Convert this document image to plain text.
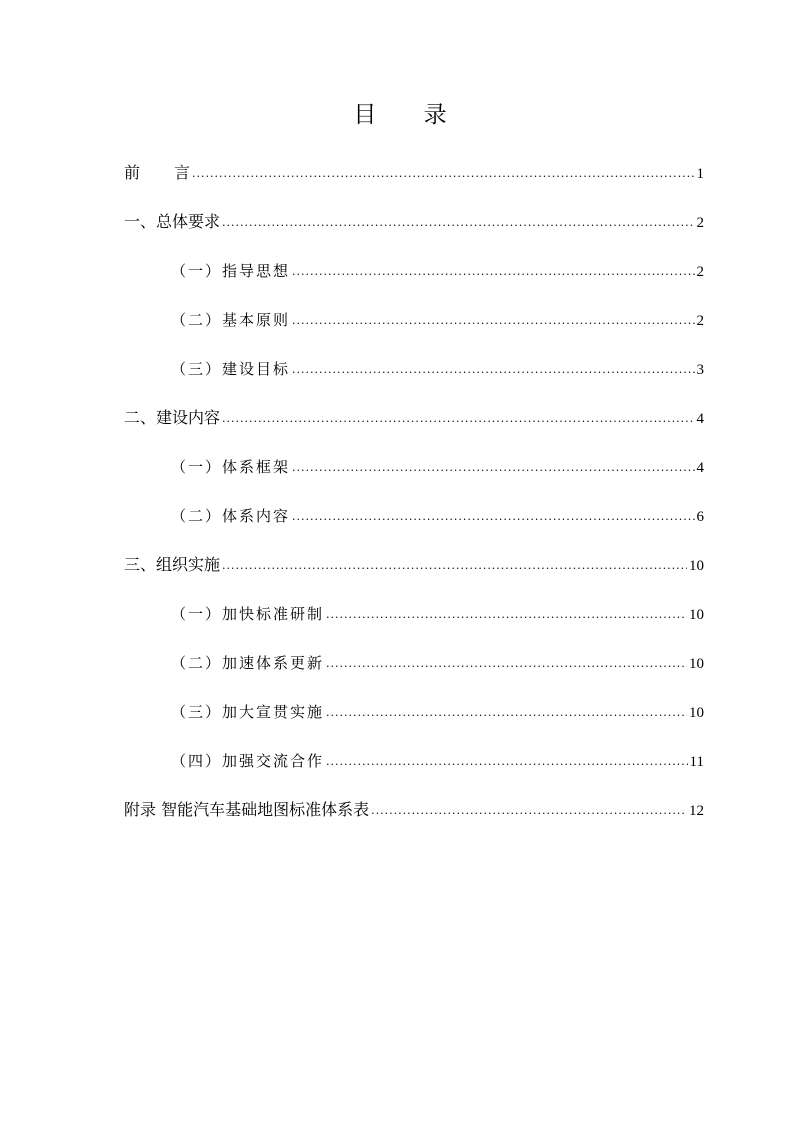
目 录
前 言 .....	1
一、总体要求 .....	2
（一）指导思想 .....	2
（二）基本原则 .....	2
（三）建设目标 .....	3
二、建设内容 .....	4
（一）体系框架 .....	4
（二）体系内容 .....	6
三、组织实施 .....	10
（一）加快标准研制 .....	10
（二）加速体系更新 .....	10
（三）加大宣贯实施 .....	10
（四）加强交流合作 .....	11
附录 智能汽车基础地图标准体系表 .....	12
